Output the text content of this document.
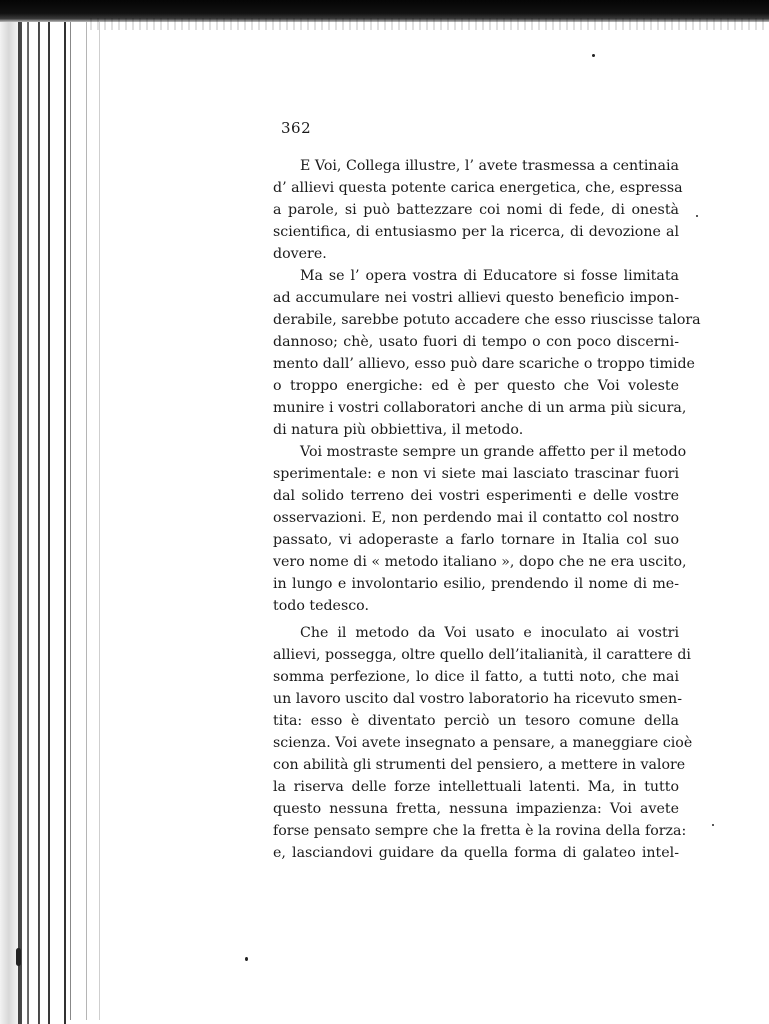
362
E Voi, Collega illustre, l’ avete trasmessa a centinaia
d’ allievi questa potente carica energetica, che, espressa
a parole, si può battezzare coi nomi di fede, di onestà
scientifica, di entusiasmo per la ricerca, di devozione al
dovere.
Ma se l’ opera vostra di Educatore si fosse limitata
ad accumulare nei vostri allievi questo beneficio impon-
derabile, sarebbe potuto accadere che esso riuscisse talora
dannoso; chè, usato fuori di tempo o con poco discerni-
mento dall’ allievo, esso può dare scariche o troppo timide
o troppo energiche: ed è per questo che Voi voleste
munire i vostri collaboratori anche di un arma più sicura,
di natura più obbiettiva, il metodo.
Voi mostraste sempre un grande affetto per il metodo
sperimentale: e non vi siete mai lasciato trascinar fuori
dal solido terreno dei vostri esperimenti e delle vostre
osservazioni. E, non perdendo mai il contatto col nostro
passato, vi adoperaste a farlo tornare in Italia col suo
vero nome di « metodo italiano », dopo che ne era uscito,
in lungo e involontario esilio, prendendo il nome di me-
todo tedesco.
Che il metodo da Voi usato e inoculato ai vostri
allievi, possegga, oltre quello dell’italianità, il carattere di
somma perfezione, lo dice il fatto, a tutti noto, che mai
un lavoro uscito dal vostro laboratorio ha ricevuto smen-
tita: esso è diventato perciò un tesoro comune della
scienza. Voi avete insegnato a pensare, a maneggiare cioè
con abilità gli strumenti del pensiero, a mettere in valore
la riserva delle forze intellettuali latenti. Ma, in tutto
questo nessuna fretta, nessuna impazienza: Voi avete
forse pensato sempre che la fretta è la rovina della forza:
e, lasciandovi guidare da quella forma di galateo intel-
